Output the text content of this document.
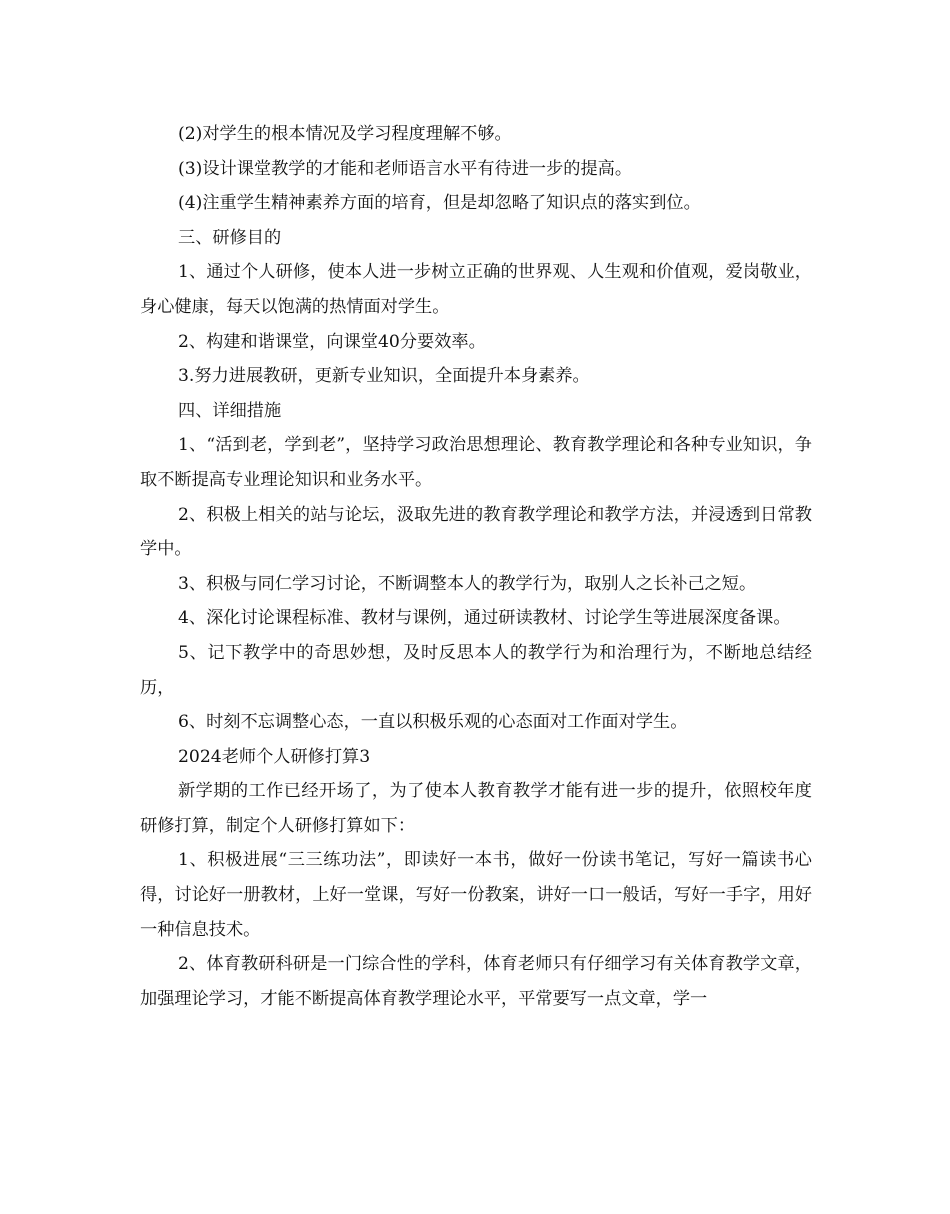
(2)对学生的根本情况及学习程度理解不够。

(3)设计课堂教学的才能和老师语言水平有待进一步的提高。

(4)注重学生精神素养方面的培育，但是却忽略了知识点的落实到位。

三、研修目的

1、通过个人研修，使本人进一步树立正确的世界观、人生观和价值观，爱岗敬业，身心健康，每天以饱满的热情面对学生。

2、构建和谐课堂，向课堂40分要效率。

3.努力进展教研，更新专业知识，全面提升本身素养。

四、详细措施

1、“活到老，学到老”，坚持学习政治思想理论、教育教学理论和各种专业知识，争取不断提高专业理论知识和业务水平。

2、积极上相关的站与论坛，汲取先进的教育教学理论和教学方法，并浸透到日常教学中。

3、积极与同仁学习讨论，不断调整本人的教学行为，取别人之长补己之短。

4、深化讨论课程标准、教材与课例，通过研读教材、讨论学生等进展深度备课。

5、记下教学中的奇思妙想，及时反思本人的教学行为和治理行为，不断地总结经历，

6、时刻不忘调整心态，一直以积极乐观的心态面对工作面对学生。

2024老师个人研修打算3

新学期的工作已经开场了，为了使本人教育教学才能有进一步的提升，依照校年度研修打算，制定个人研修打算如下：

1、积极进展“三三练功法”，即读好一本书，做好一份读书笔记，写好一篇读书心得，讨论好一册教材，上好一堂课，写好一份教案，讲好一口一般话，写好一手字，用好一种信息技术。

2、体育教研科研是一门综合性的学科，体育老师只有仔细学习有关体育教学文章，加强理论学习，才能不断提高体育教学理论水平，平常要写一点文章，学一
